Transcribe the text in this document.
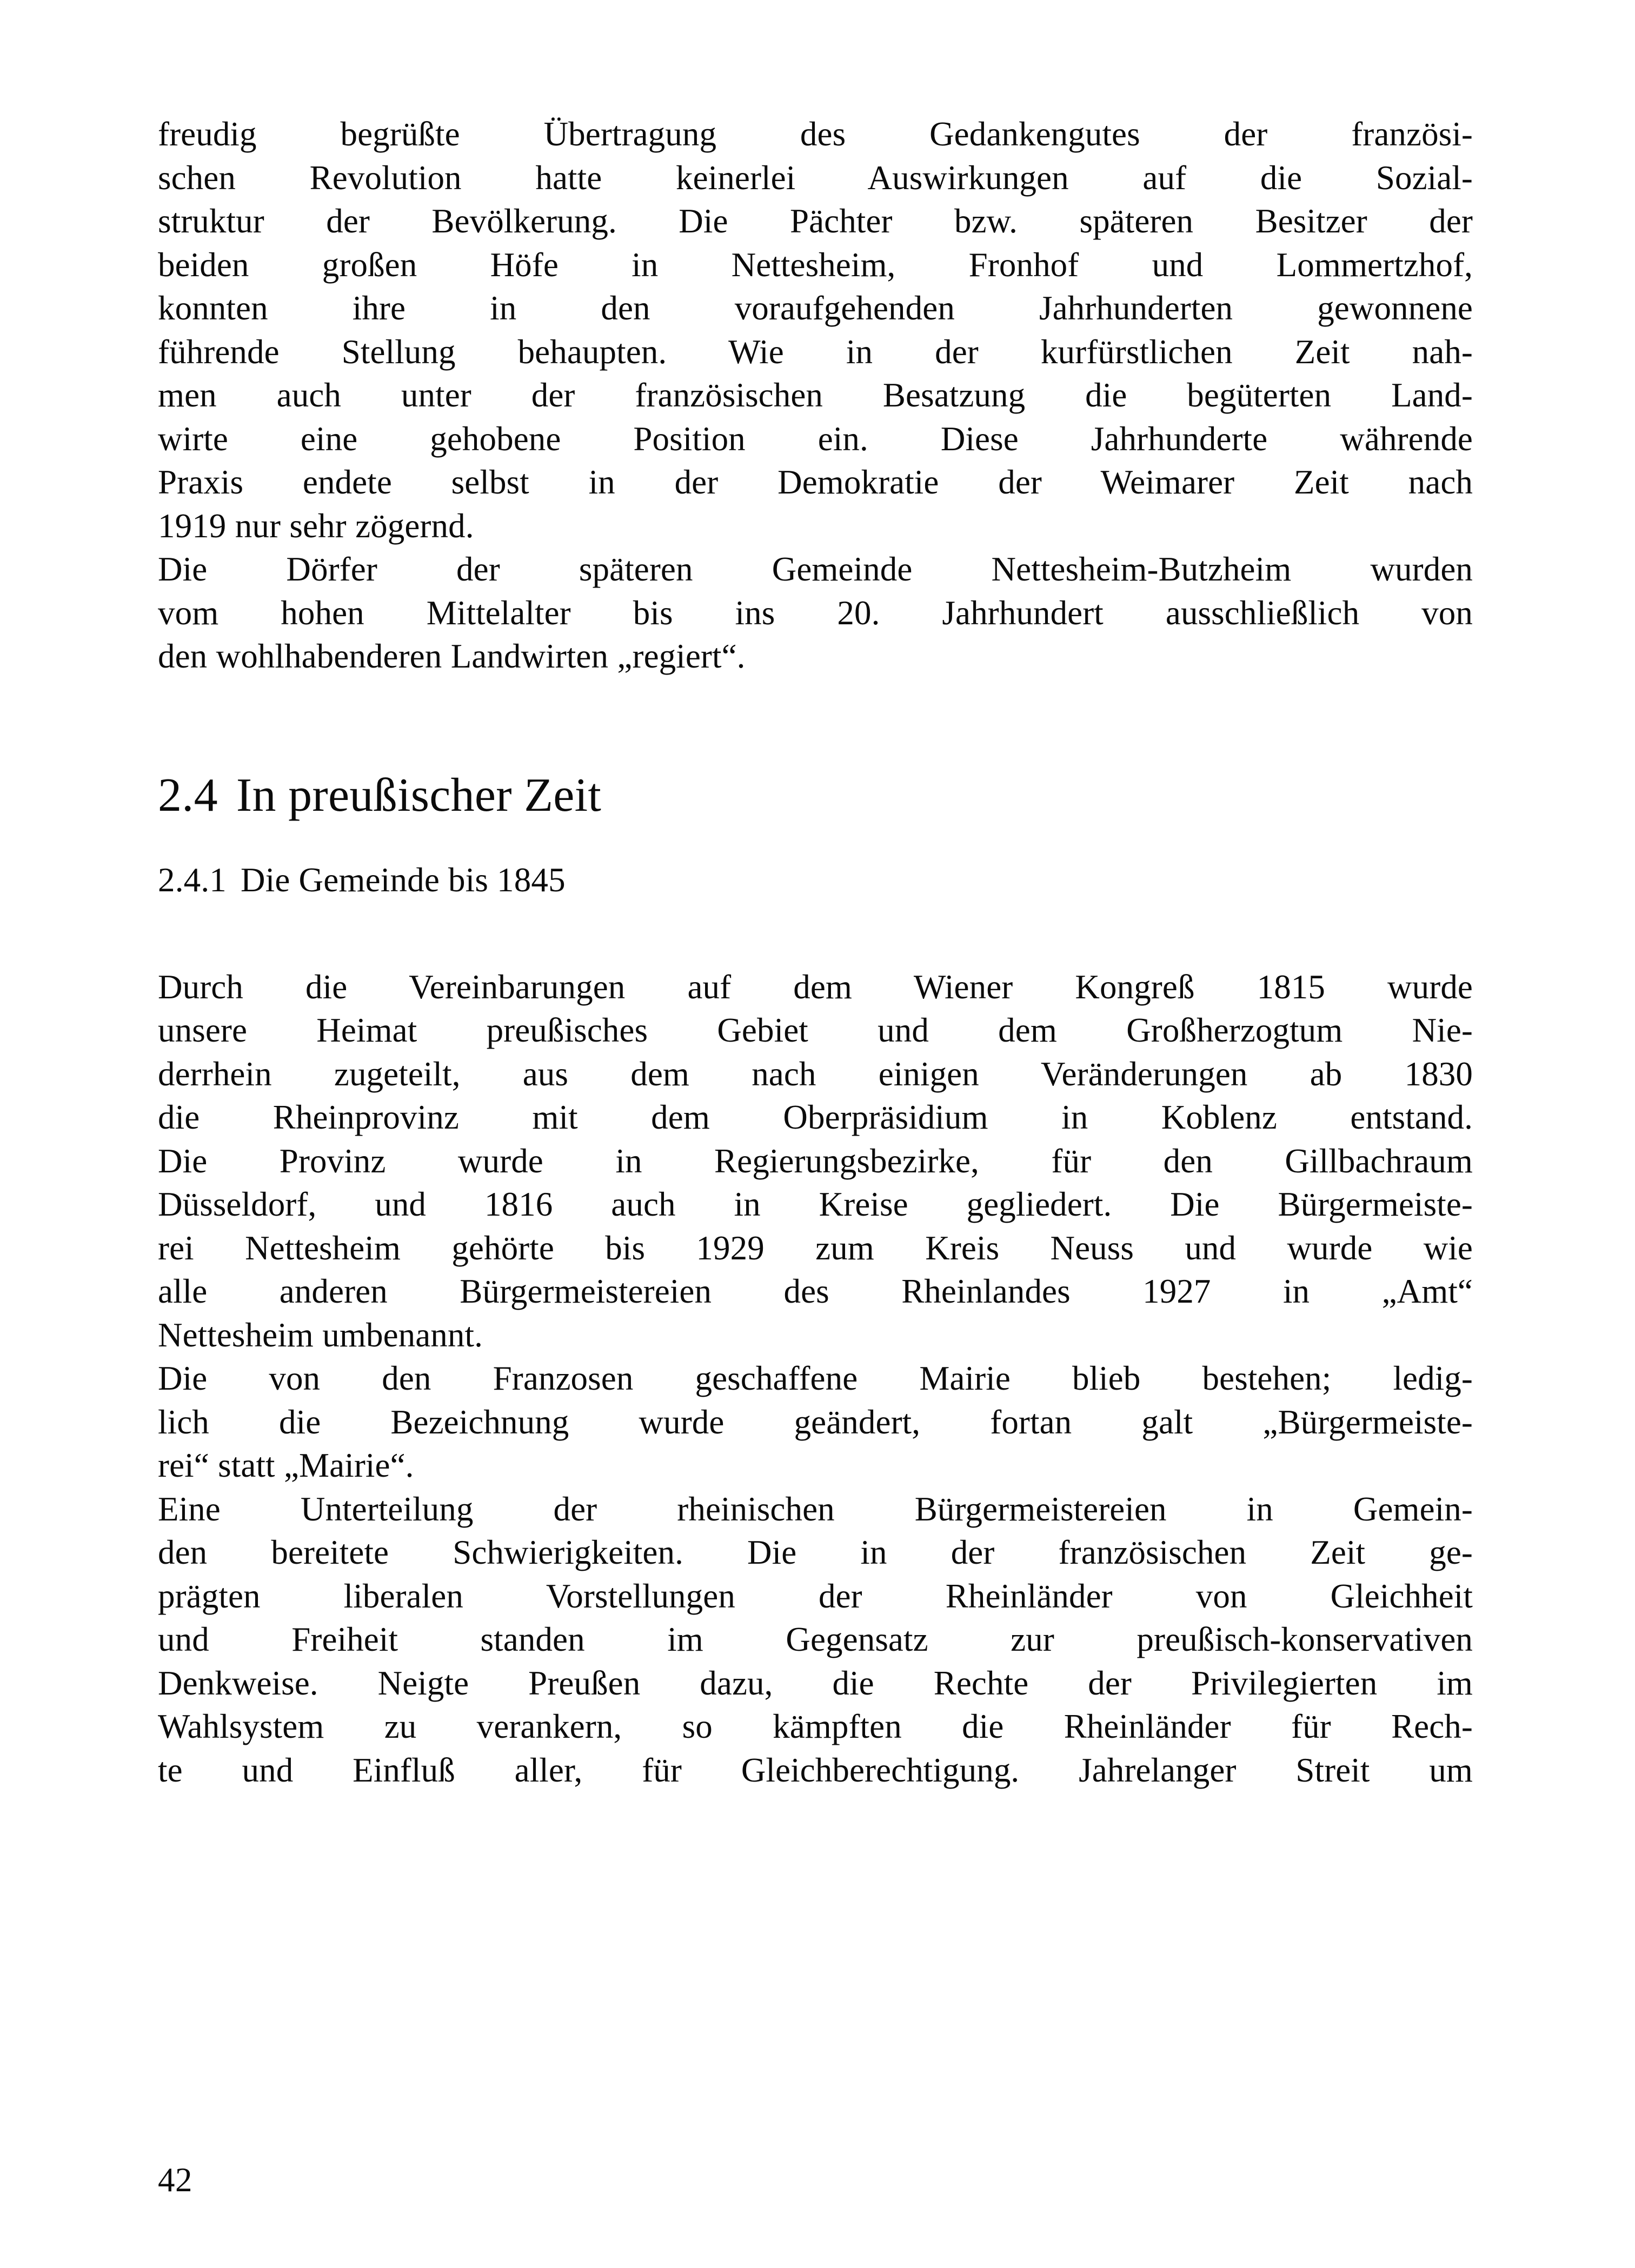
freudig begrüßte Übertragung des Gedankengutes der französi-
schen Revolution hatte keinerlei Auswirkungen auf die Sozial-
struktur der Bevölkerung. Die Pächter bzw. späteren Besitzer der
beiden großen Höfe in Nettesheim, Fronhof und Lommertzhof,
konnten ihre in den voraufgehenden Jahrhunderten gewonnene
führende Stellung behaupten. Wie in der kurfürstlichen Zeit nah-
men auch unter der französischen Besatzung die begüterten Land-
wirte eine gehobene Position ein. Diese Jahrhunderte währende
Praxis endete selbst in der Demokratie der Weimarer Zeit nach
1919 nur sehr zögernd.

Die Dörfer der späteren Gemeinde Nettesheim-Butzheim wurden
vom hohen Mittelalter bis ins 20. Jahrhundert ausschließlich von
den wohlhabenderen Landwirten „regiert“.

2.4 In preußischer Zeit
2.4.1 Die Gemeinde bis 1845

Durch die Vereinbarungen auf dem Wiener Kongreß 1815 wurde
unsere Heimat preußisches Gebiet und dem Großherzogtum Nie-
derrhein zugeteilt, aus dem nach einigen Veränderungen ab 1830
die Rheinprovinz mit dem Oberpräsidium in Koblenz entstand.
Die Provinz wurde in Regierungsbezirke, für den Gillbachraum
Düsseldorf, und 1816 auch in Kreise gegliedert. Die Bürgermeiste-
rei Nettesheim gehörte bis 1929 zum Kreis Neuss und wurde wie
alle anderen Bürgermeistereien des Rheinlandes 1927 in „Amt“
Nettesheim umbenannt.

Die von den Franzosen geschaffene Mairie blieb bestehen; ledig-
lich die Bezeichnung wurde geändert, fortan galt „Bürgermeiste-
rei“ statt „Mairie“.

Eine Unterteilung der rheinischen Bürgermeistereien in Gemein-
den bereitete Schwierigkeiten. Die in der französischen Zeit ge-
prägten liberalen Vorstellungen der Rheinländer von Gleichheit
und Freiheit standen im Gegensatz zur preußisch-konservativen
Denkweise. Neigte Preußen dazu, die Rechte der Privilegierten im
Wahlsystem zu verankern, so kämpften die Rheinländer für Rech-
te und Einfluß aller, für Gleichberechtigung. Jahrelanger Streit um

42
